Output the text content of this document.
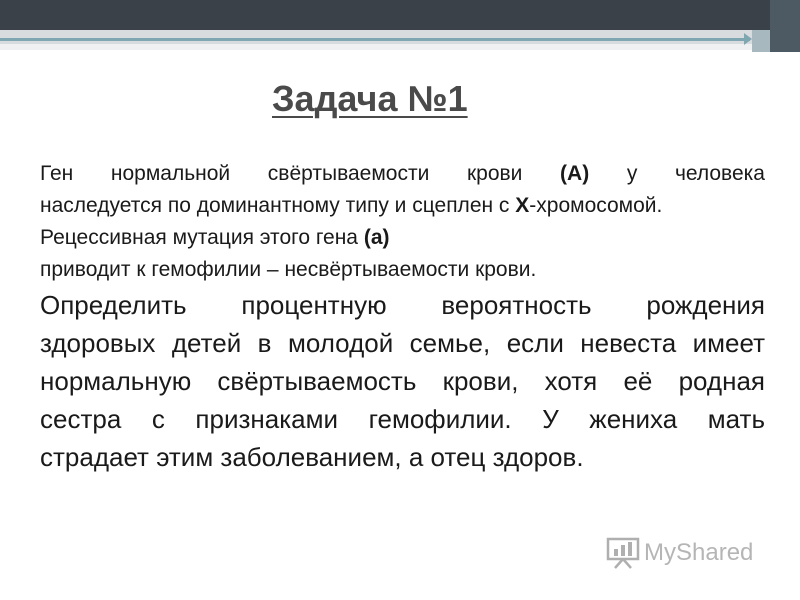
Задача №1
Ген нормальной свёртываемости крови (А) у человека
наследуется по доминантному типу и сцеплен с Х-хромосомой.
Рецессивная мутация этого гена (а)
приводит к гемофилии – несвёртываемости крови.
Определить процентную вероятность рождения
здоровых детей в молодой семье, если невеста имеет
нормальную свёртываемость крови, хотя её родная
сестра с признаками гемофилии. У жениха мать
страдает этим заболеванием, а отец здоров.
MyShared
